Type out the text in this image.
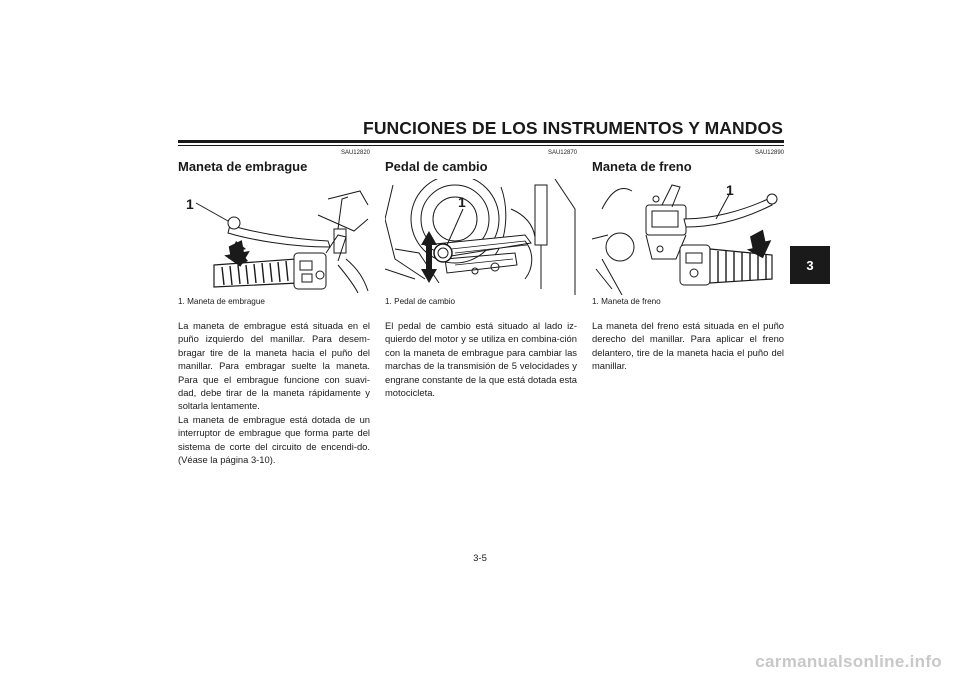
FUNCIONES DE LOS INSTRUMENTOS Y MANDOS
3
SAU12820
Maneta de embrague
1
1. Maneta de embrague

La maneta de embrague está situada en el puño izquierdo del manillar. Para desem-bragar tire de la maneta hacia el puño del manillar. Para embragar suelte la maneta. Para que el embrague funcione con suavi-dad, debe tirar de la maneta rápidamente y soltarla lentamente.

La maneta de embrague está dotada de un interruptor de embrague que forma parte del sistema de corte del circuito de encendi-do. (Véase la página 3-10).

SAU12870
Pedal de cambio
1
1. Pedal de cambio

El pedal de cambio está situado al lado iz-quierdo del motor y se utiliza en combina-ción con la maneta de embrague para cambiar las marchas de la transmisión de 5 velocidades y engrane constante de la que está dotada esta motocicleta.

SAU12890
Maneta de freno
1
1. Maneta de freno

La maneta del freno está situada en el puño derecho del manillar. Para aplicar el freno delantero, tire de la maneta hacia el puño del manillar.

3-5
carmanualsonline.info
